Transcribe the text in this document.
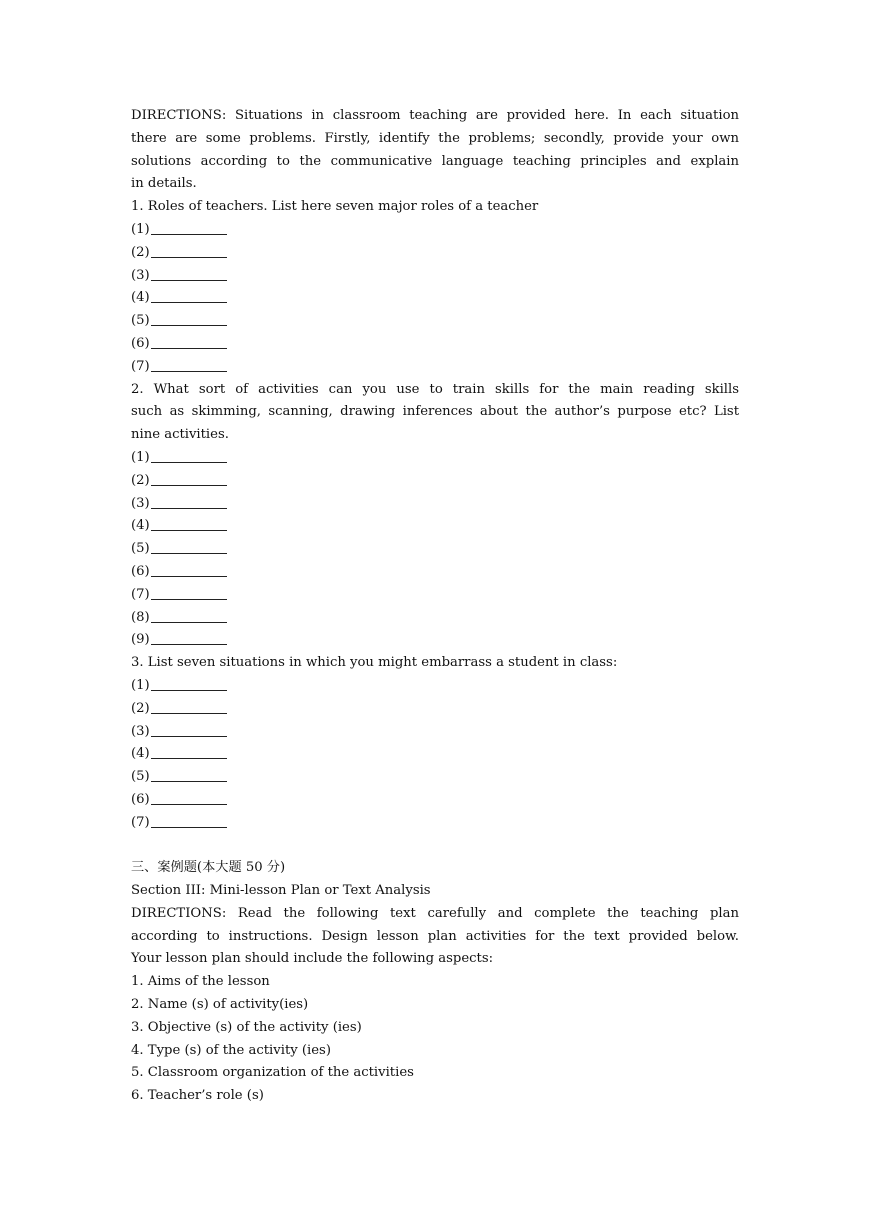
DIRECTIONS: Situations in classroom teaching are provided here. In each situation
there are some problems. Firstly, identify the problems; secondly, provide your own
solutions according to the communicative language teaching principles and explain
in details.
1. Roles of teachers. List here seven major roles of a teacher
(1)
(2)
(3)
(4)
(5)
(6)
(7)
2. What sort of activities can you use to train skills for the main reading skills
such as skimming, scanning, drawing inferences about the author’s purpose etc? List
nine activities.
(1)
(2)
(3)
(4)
(5)
(6)
(7)
(8)
(9)
3. List seven situations in which you might embarrass a student in class:
(1)
(2)
(3)
(4)
(5)
(6)
(7)
三、案例题(本大题 50 分)
Section III: Mini-lesson Plan or Text Analysis
DIRECTIONS: Read the following text carefully and complete the teaching plan
according to instructions. Design lesson plan activities for the text provided below.
Your lesson plan should include the following aspects:
1. Aims of the lesson
2. Name (s) of activity(ies)
3. Objective (s) of the activity (ies)
4. Type (s) of the activity (ies)
5. Classroom organization of the activities
6. Teacher’s role (s)
